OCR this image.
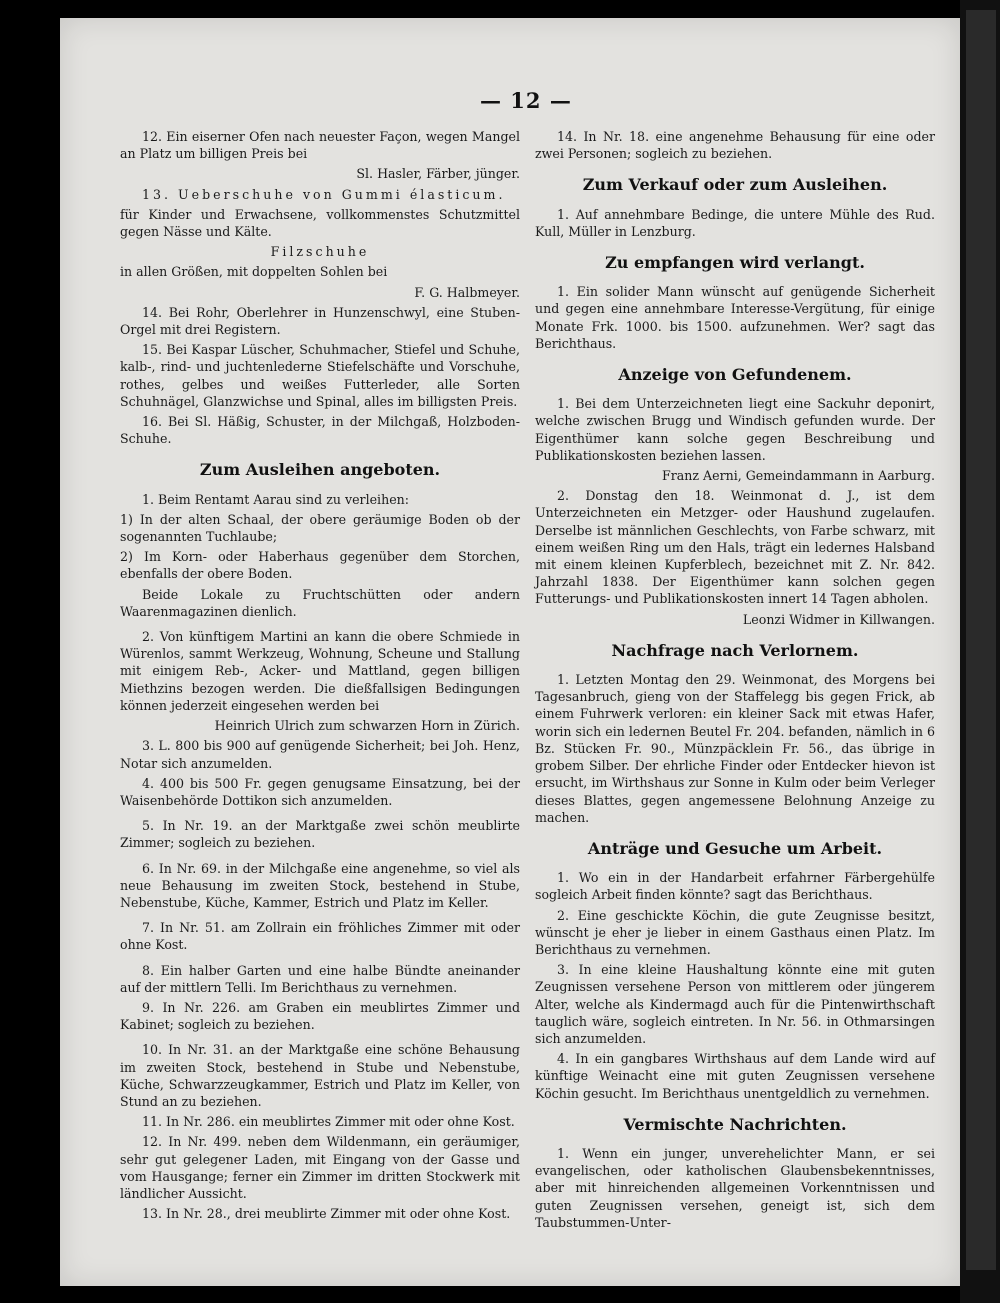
— 12 —

12. Ein eiserner Ofen nach neuester Façon, wegen Mangel an Platz um billigen Preis bei

Sl. Hasler, Färber, jünger.

13. Ueberschuhe von Gummi élasticum.

für Kinder und Erwachsene, vollkommenstes Schutzmittel gegen Nässe und Kälte.

Filzschuhe

in allen Größen, mit doppelten Sohlen bei

F. G. Halbmeyer.

14. Bei Rohr, Oberlehrer in Hunzenschwyl, eine Stuben-Orgel mit drei Registern.

15. Bei Kaspar Lüscher, Schuhmacher, Stiefel und Schuhe, kalb-, rind- und juchtenlederne Stiefelschäfte und Vorschuhe, rothes, gelbes und weißes Futterleder, alle Sorten Schuhnägel, Glanzwichse und Spinal, alles im billigsten Preis.

16. Bei Sl. Häßig, Schuster, in der Milchgaß, Holzboden-Schuhe.

Zum Ausleihen angeboten.

1. Beim Rentamt Aarau sind zu verleihen:

1) In der alten Schaal, der obere geräumige Boden ob der sogenannten Tuchlaube;

2) Im Korn- oder Haberhaus gegenüber dem Storchen, ebenfalls der obere Boden.

Beide Lokale zu Fruchtschütten oder andern Waarenmagazinen dienlich.

2. Von künftigem Martini an kann die obere Schmiede in Würenlos, sammt Werkzeug, Wohnung, Scheune und Stallung mit einigem Reb-, Acker- und Mattland, gegen billigen Miethzins bezogen werden. Die dießfallsigen Bedingungen können jederzeit eingesehen werden bei

Heinrich Ulrich zum schwarzen Horn in Zürich.

3. L. 800 bis 900 auf genügende Sicherheit; bei Joh. Henz, Notar sich anzumelden.

4. 400 bis 500 Fr. gegen genugsame Einsatzung, bei der Waisenbehörde Dottikon sich anzumelden.

5. In Nr. 19. an der Marktgaße zwei schön meublirte Zimmer; sogleich zu beziehen.

6. In Nr. 69. in der Milchgaße eine angenehme, so viel als neue Behausung im zweiten Stock, bestehend in Stube, Nebenstube, Küche, Kammer, Estrich und Platz im Keller.

7. In Nr. 51. am Zollrain ein fröhliches Zimmer mit oder ohne Kost.

8. Ein halber Garten und eine halbe Bündte aneinander auf der mittlern Telli. Im Berichthaus zu vernehmen.

9. In Nr. 226. am Graben ein meublirtes Zimmer und Kabinet; sogleich zu beziehen.

10. In Nr. 31. an der Marktgaße eine schöne Behausung im zweiten Stock, bestehend in Stube und Nebenstube, Küche, Schwarzzeugkammer, Estrich und Platz im Keller, von Stund an zu beziehen.

11. In Nr. 286. ein meublirtes Zimmer mit oder ohne Kost.

12. In Nr. 499. neben dem Wildenmann, ein geräumiger, sehr gut gelegener Laden, mit Eingang von der Gasse und vom Hausgange; ferner ein Zimmer im dritten Stockwerk mit ländlicher Aussicht.

13. In Nr. 28., drei meublirte Zimmer mit oder ohne Kost.

14. In Nr. 18. eine angenehme Behausung für eine oder zwei Personen; sogleich zu beziehen.

Zum Verkauf oder zum Ausleihen.

1. Auf annehmbare Bedinge, die untere Mühle des Rud. Kull, Müller in Lenzburg.

Zu empfangen wird verlangt.

1. Ein solider Mann wünscht auf genügende Sicherheit und gegen eine annehmbare Interesse-Vergütung, für einige Monate Frk. 1000. bis 1500. aufzunehmen. Wer? sagt das Berichthaus.

Anzeige von Gefundenem.

1. Bei dem Unterzeichneten liegt eine Sackuhr deponirt, welche zwischen Brugg und Windisch gefunden wurde. Der Eigenthümer kann solche gegen Beschreibung und Publikationskosten beziehen lassen.

Franz Aerni, Gemeindammann in Aarburg.

2. Donstag den 18. Weinmonat d. J., ist dem Unterzeichneten ein Metzger- oder Haushund zugelaufen. Derselbe ist männlichen Geschlechts, von Farbe schwarz, mit einem weißen Ring um den Hals, trägt ein ledernes Halsband mit einem kleinen Kupferblech, bezeichnet mit Z. Nr. 842. Jahrzahl 1838. Der Eigenthümer kann solchen gegen Futterungs- und Publikationskosten innert 14 Tagen abholen.

Leonzi Widmer in Killwangen.

Nachfrage nach Verlornem.

1. Letzten Montag den 29. Weinmonat, des Morgens bei Tagesanbruch, gieng von der Staffelegg bis gegen Frick, ab einem Fuhrwerk verloren: ein kleiner Sack mit etwas Hafer, worin sich ein ledernen Beutel Fr. 204. befanden, nämlich in 6 Bz. Stücken Fr. 90., Münzpäcklein Fr. 56., das übrige in grobem Silber. Der ehrliche Finder oder Entdecker hievon ist ersucht, im Wirthshaus zur Sonne in Kulm oder beim Verleger dieses Blattes, gegen angemessene Belohnung Anzeige zu machen.

Anträge und Gesuche um Arbeit.

1. Wo ein in der Handarbeit erfahrner Färbergehülfe sogleich Arbeit finden könnte? sagt das Berichthaus.

2. Eine geschickte Köchin, die gute Zeugnisse besitzt, wünscht je eher je lieber in einem Gasthaus einen Platz. Im Berichthaus zu vernehmen.

3. In eine kleine Haushaltung könnte eine mit guten Zeugnissen versehene Person von mittlerem oder jüngerem Alter, welche als Kindermagd auch für die Pintenwirthschaft tauglich wäre, sogleich eintreten. In Nr. 56. in Othmarsingen sich anzumelden.

4. In ein gangbares Wirthshaus auf dem Lande wird auf künftige Weinacht eine mit guten Zeugnissen versehene Köchin gesucht. Im Berichthaus unentgeldlich zu vernehmen.

Vermischte Nachrichten.

1. Wenn ein junger, unverehelichter Mann, er sei evangelischen, oder katholischen Glaubensbekenntnisses, aber mit hinreichenden allgemeinen Vorkenntnissen und guten Zeugnissen versehen, geneigt ist, sich dem Taubstummen-Unter-
